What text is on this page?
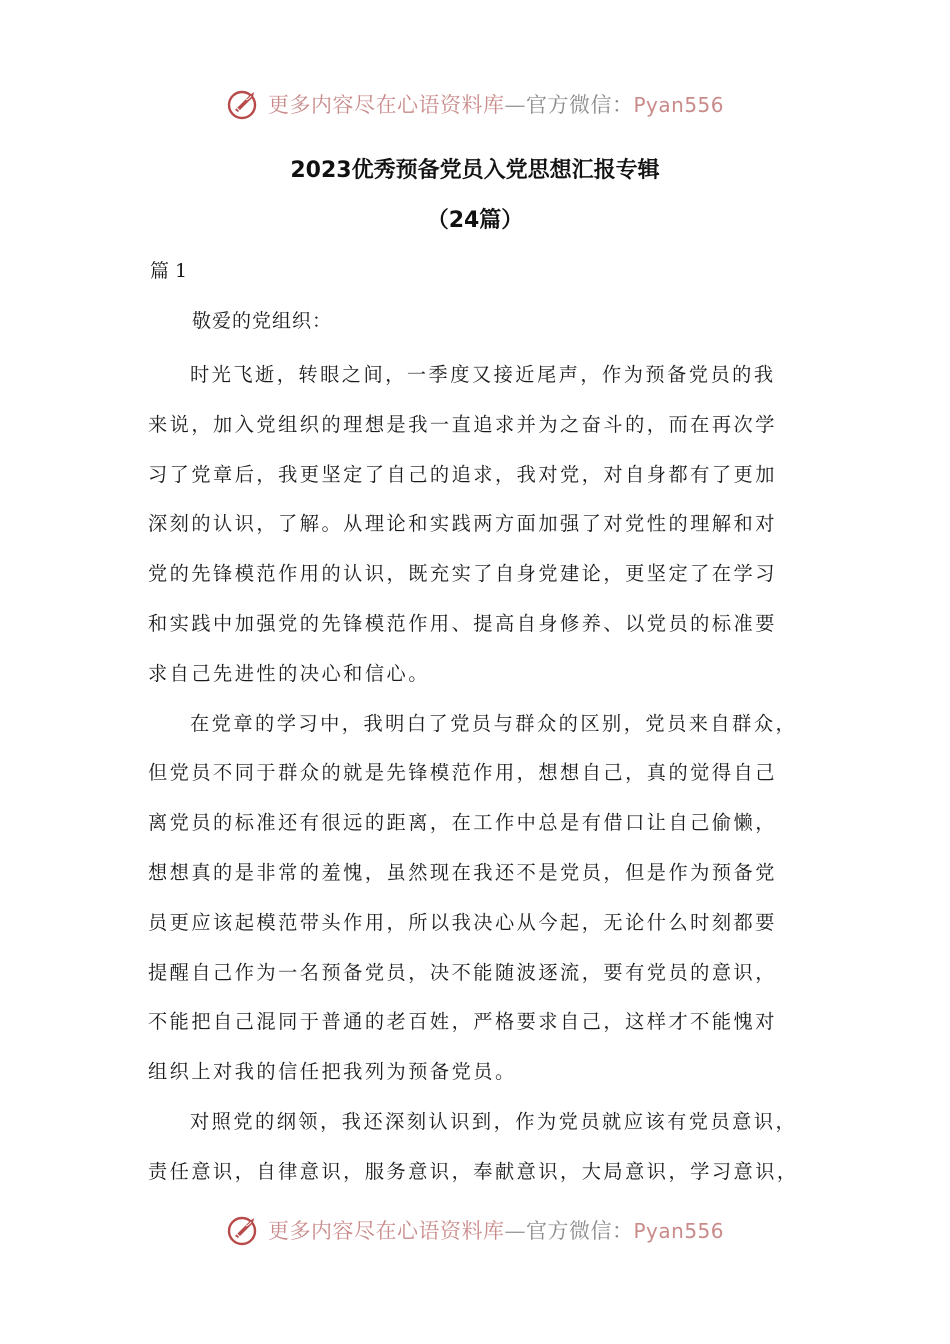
更多内容尽在心语资料库—官方微信：Pyan556
2023优秀预备党员入党思想汇报专辑
（24篇）
篇 1
敬爱的党组织：
时光飞逝，转眼之间，一季度又接近尾声，作为预备党员的我
来说，加入党组织的理想是我一直追求并为之奋斗的，而在再次学
习了党章后，我更坚定了自己的追求，我对党，对自身都有了更加
深刻的认识，了解。从理论和实践两方面加强了对党性的理解和对
党的先锋模范作用的认识，既充实了自身党建论，更坚定了在学习
和实践中加强党的先锋模范作用、提高自身修养、以党员的标准要
求自己先进性的决心和信心。
在党章的学习中，我明白了党员与群众的区别，党员来自群众，
但党员不同于群众的就是先锋模范作用，想想自己，真的觉得自己
离党员的标准还有很远的距离，在工作中总是有借口让自己偷懒，
想想真的是非常的羞愧，虽然现在我还不是党员，但是作为预备党
员更应该起模范带头作用，所以我决心从今起，无论什么时刻都要
提醒自己作为一名预备党员，决不能随波逐流，要有党员的意识，
不能把自己混同于普通的老百姓，严格要求自己，这样才不能愧对
组织上对我的信任把我列为预备党员。
对照党的纲领，我还深刻认识到，作为党员就应该有党员意识，
责任意识，自律意识，服务意识，奉献意识，大局意识，学习意识，
更多内容尽在心语资料库—官方微信：Pyan556
